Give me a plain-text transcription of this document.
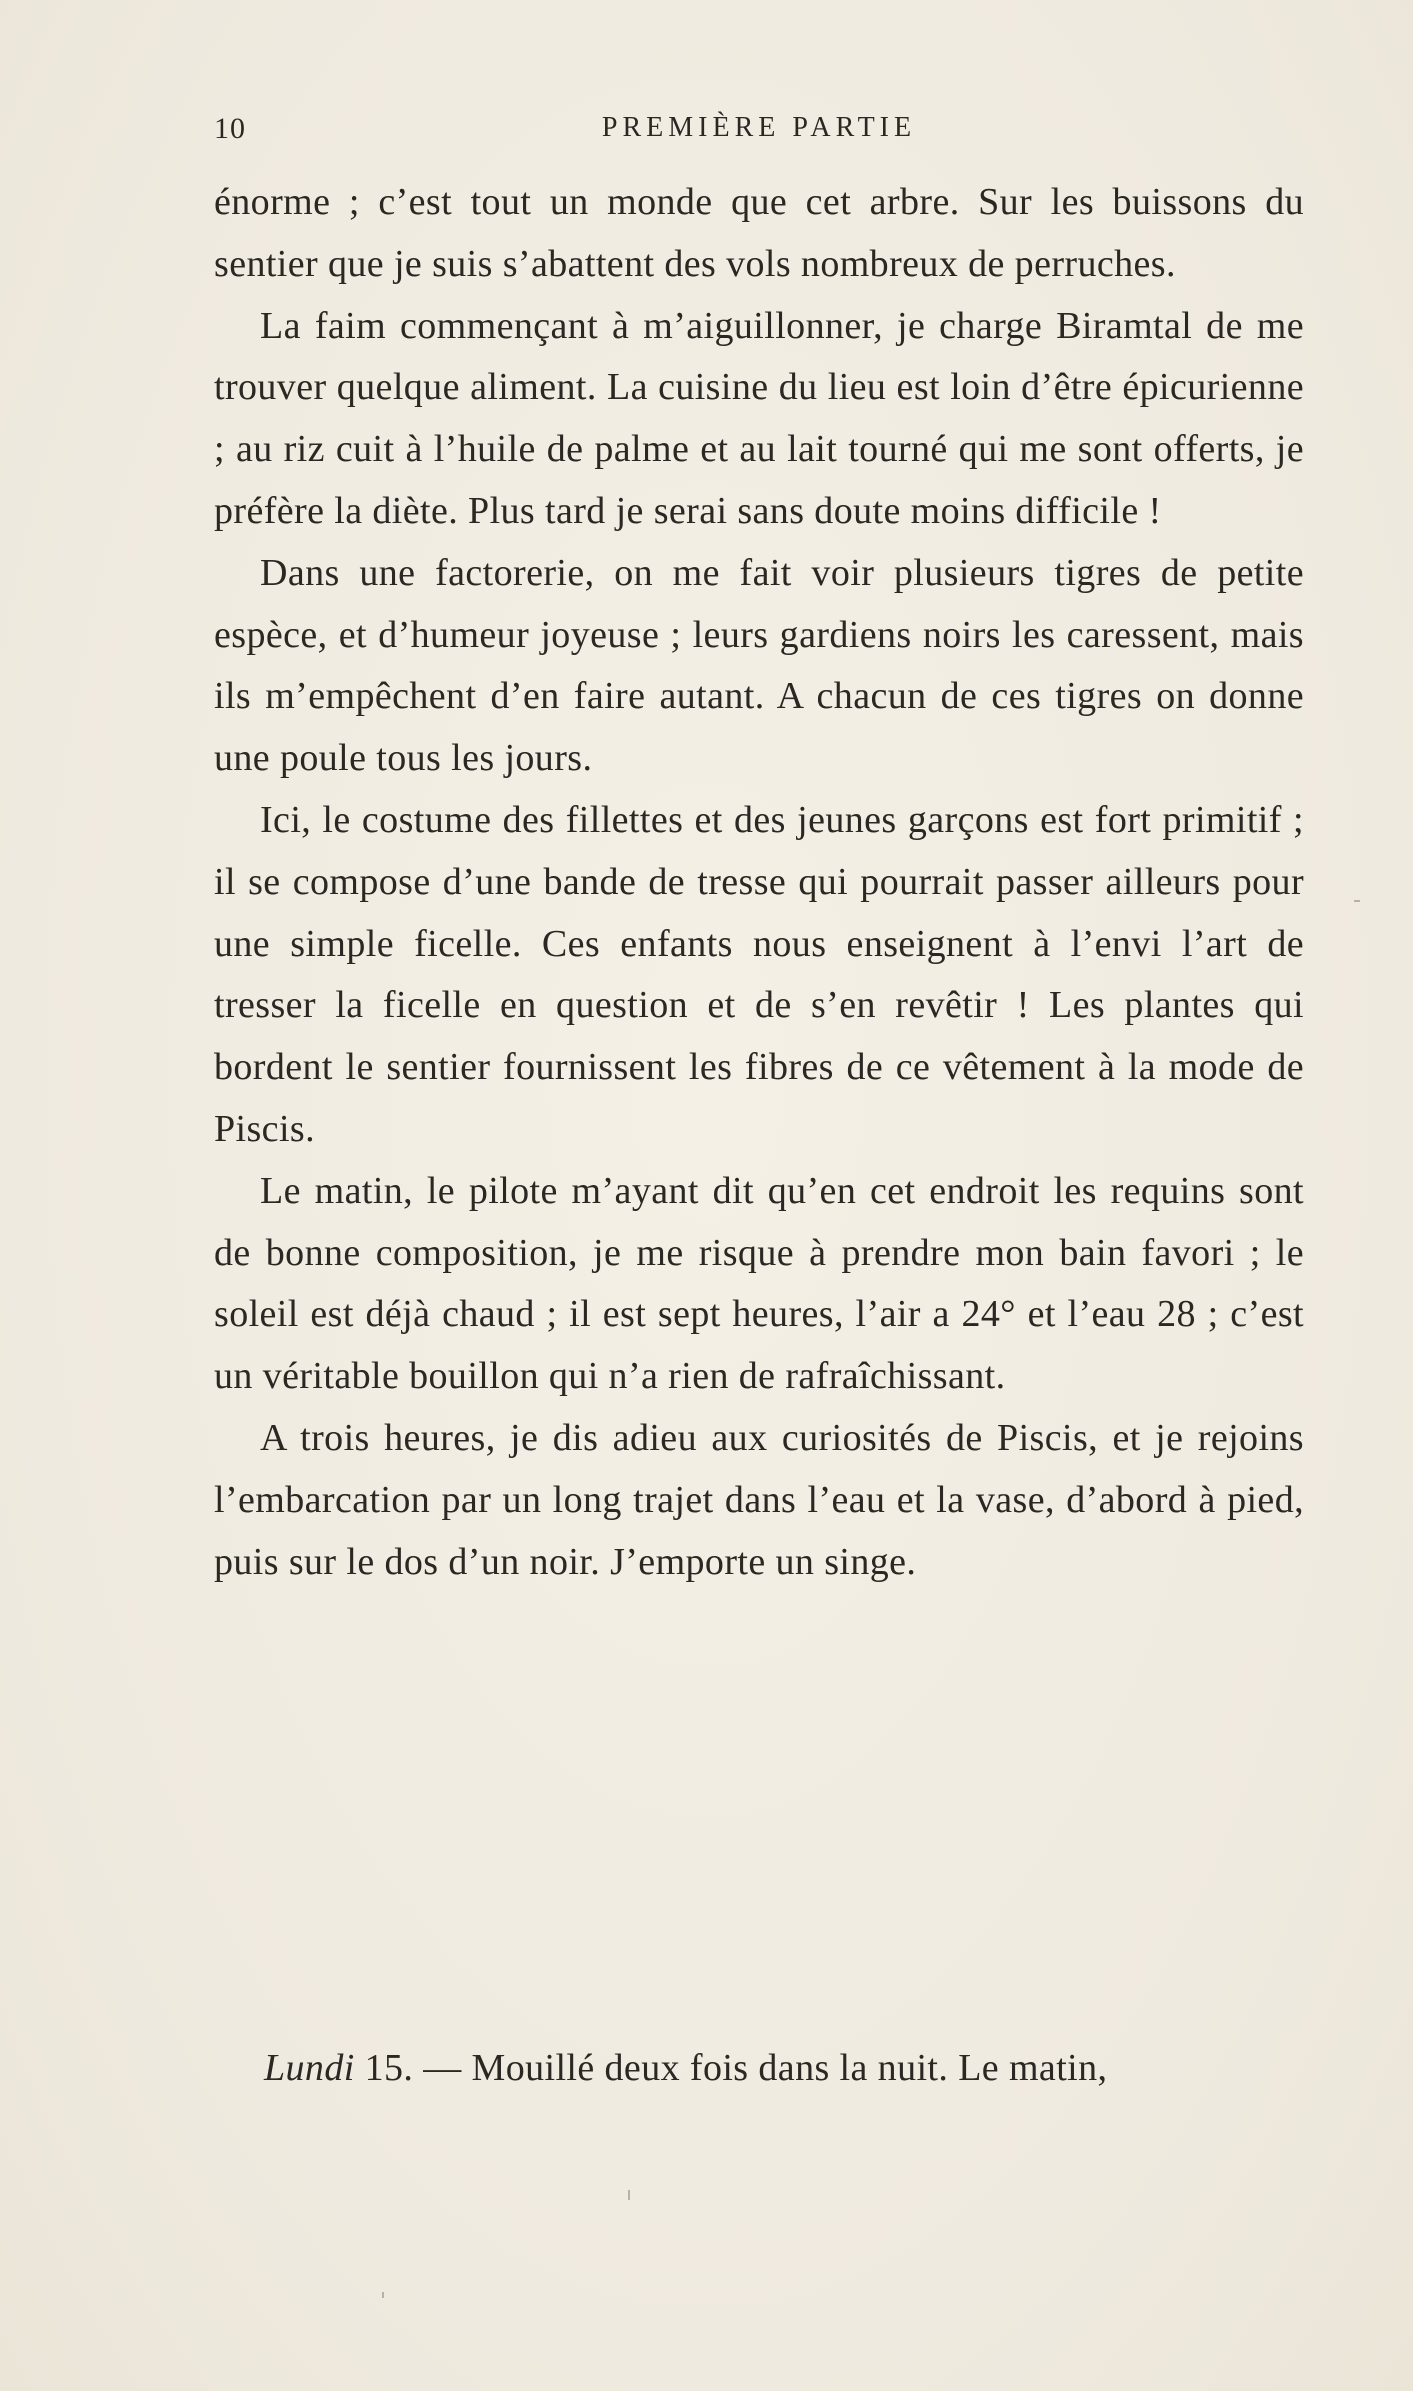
10	PREMIÈRE PARTIE

énorme ; c’est tout un monde que cet arbre. Sur les buissons du sentier que je suis s’abattent des vols nombreux de perruches.

La faim commençant à m’aiguillonner, je charge Biramtal de me trouver quelque aliment. La cuisine du lieu est loin d’être épicurienne ; au riz cuit à l’huile de palme et au lait tourné qui me sont offerts, je préfère la diète. Plus tard je serai sans doute moins difficile !

Dans une factorerie, on me fait voir plusieurs tigres de petite espèce, et d’humeur joyeuse ; leurs gardiens noirs les caressent, mais ils m’empêchent d’en faire autant. A chacun de ces tigres on donne une poule tous les jours.

Ici, le costume des fillettes et des jeunes garçons est fort primitif ; il se compose d’une bande de tresse qui pourrait passer ailleurs pour une simple ficelle. Ces enfants nous enseignent à l’envi l’art de tresser la ficelle en question et de s’en revêtir ! Les plantes qui bordent le sentier fournissent les fibres de ce vêtement à la mode de Piscis.

Le matin, le pilote m’ayant dit qu’en cet endroit les requins sont de bonne composition, je me risque à prendre mon bain favori ; le soleil est déjà chaud ; il est sept heures, l’air a 24° et l’eau 28 ; c’est un véritable bouillon qui n’a rien de rafraîchissant.

A trois heures, je dis adieu aux curiosités de Piscis, et je rejoins l’embarcation par un long trajet dans l’eau et la vase, d’abord à pied, puis sur le dos d’un noir. J’emporte un singe.

Lundi 15. — Mouillé deux fois dans la nuit. Le matin,
